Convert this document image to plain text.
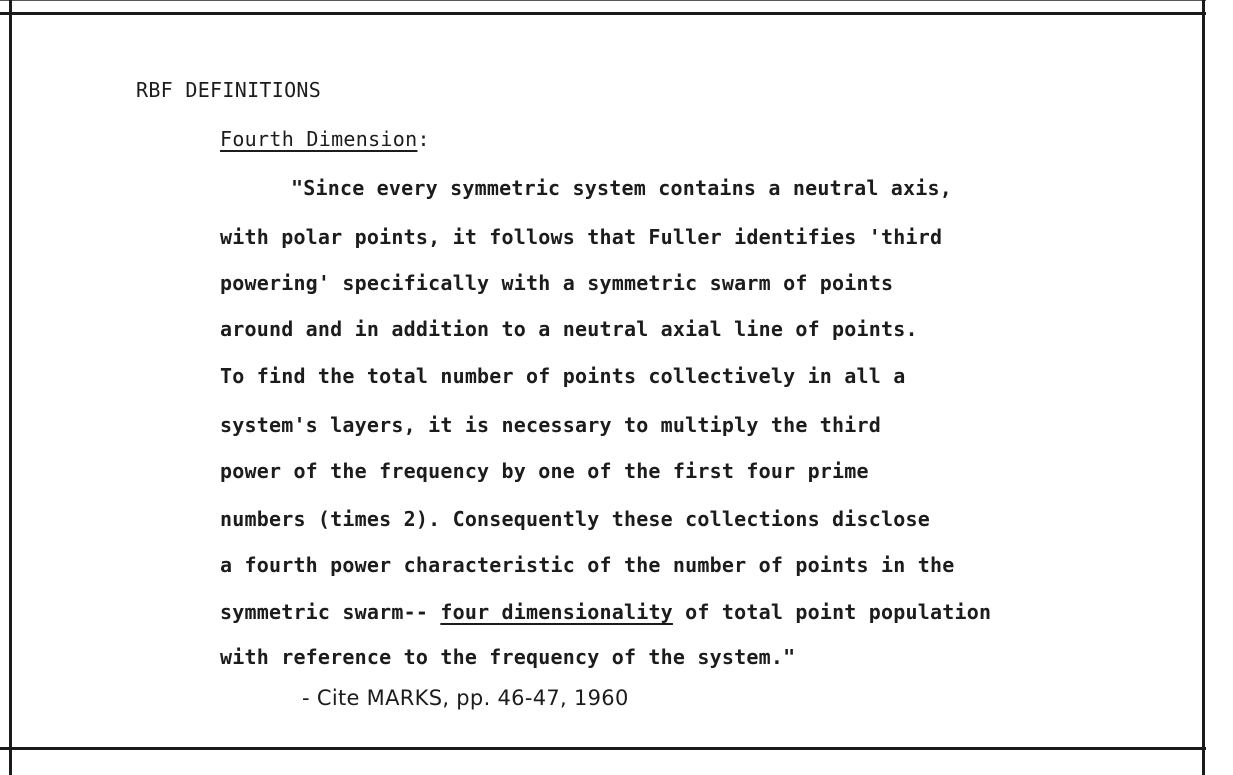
RBF DEFINITIONS
Fourth Dimension:
"Since every symmetric system contains a neutral axis,
with polar points, it follows that Fuller identifies 'third
powering' specifically with a symmetric swarm of points
around and in addition to a neutral axial line of points.
To find the total number of points collectively in all a
system's layers, it is necessary to multiply the third
power of the frequency by one of the first four prime
numbers (times 2). Consequently these collections disclose
a fourth power characteristic of the number of points in the
symmetric swarm-- four dimensionality of total point population
with reference to the frequency of the system."
- Cite MARKS, pp. 46-47, 1960
